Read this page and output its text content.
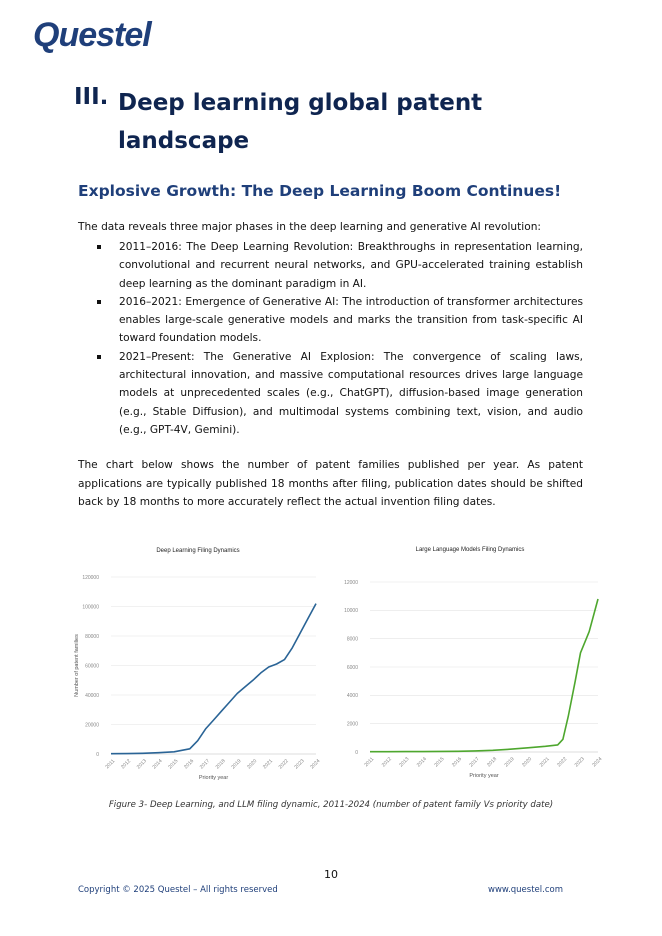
Questel
III. Deep learning global patent landscape
Explosive Growth: The Deep Learning Boom Continues!
The data reveals three major phases in the deep learning and generative AI revolution:
2011–2016: The Deep Learning Revolution: Breakthroughs in representation learning, convolutional and recurrent neural networks, and GPU-accelerated training establish deep learning as the dominant paradigm in AI.
2016–2021: Emergence of Generative AI: The introduction of transformer architectures enables large-scale generative models and marks the transition from task-specific AI toward foundation models.
2021–Present: The Generative AI Explosion: The convergence of scaling laws, architectural innovation, and massive computational resources drives large language models at unprecedented scales (e.g., ChatGPT), diffusion-based image generation (e.g., Stable Diffusion), and multimodal systems combining text, vision, and audio (e.g., GPT-4V, Gemini).
The chart below shows the number of patent families published per year. As patent applications are typically published 18 months after filing, publication dates should be shifted back by 18 months to more accurately reflect the actual invention filing dates.
Deep Learning Filing Dynamics
0
20000
40000
60000
80000
100000
120000
2011 2012 2013 2014 2015 2016 2017 2018 2019 2020 2021 2022 2023 2024
Priority year
Number of patent families
Large Language Models Filing Dynamics
0
2000
4000
6000
8000
10000
12000
2011 2012 2013 2014 2015 2016 2017 2018 2019 2020 2021 2022 2023 2024
Priority year
Figure 3- Deep Learning, and LLM filing dynamic, 2011-2024 (number of patent family Vs priority date)
10
Copyright © 2025 Questel – All rights reserved	www.questel.com
